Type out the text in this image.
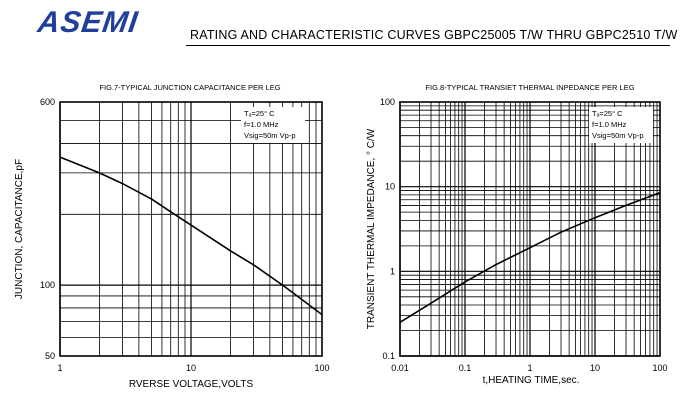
ASEMI	RATING AND CHARACTERISTIC CURVES GBPC25005 T/W THRU GBPC2510 T/W
1	10	100
50
100
600
FIG.7-TYPICAL JUNCTION CAPACITANCE PER LEG
RVERSE VOLTAGE,VOLTS
JUNCTION, CAPACITANCE,pF
Tₐ=25° C
f=1.0 MHz
Vsig=50m Vp-p
0.01	0.1	1	10	100
0.1
1
10
100
FIG.8-TYPICAL TRANSIET THERMAL INPEDANCE PER LEG
t,HEATING TIME,sec.
TRANSIENT THERMAL IMPEDANCE, ° C/W
Tₐ=25° C
f=1.0 MHz
Vsig=50m Vp-p
